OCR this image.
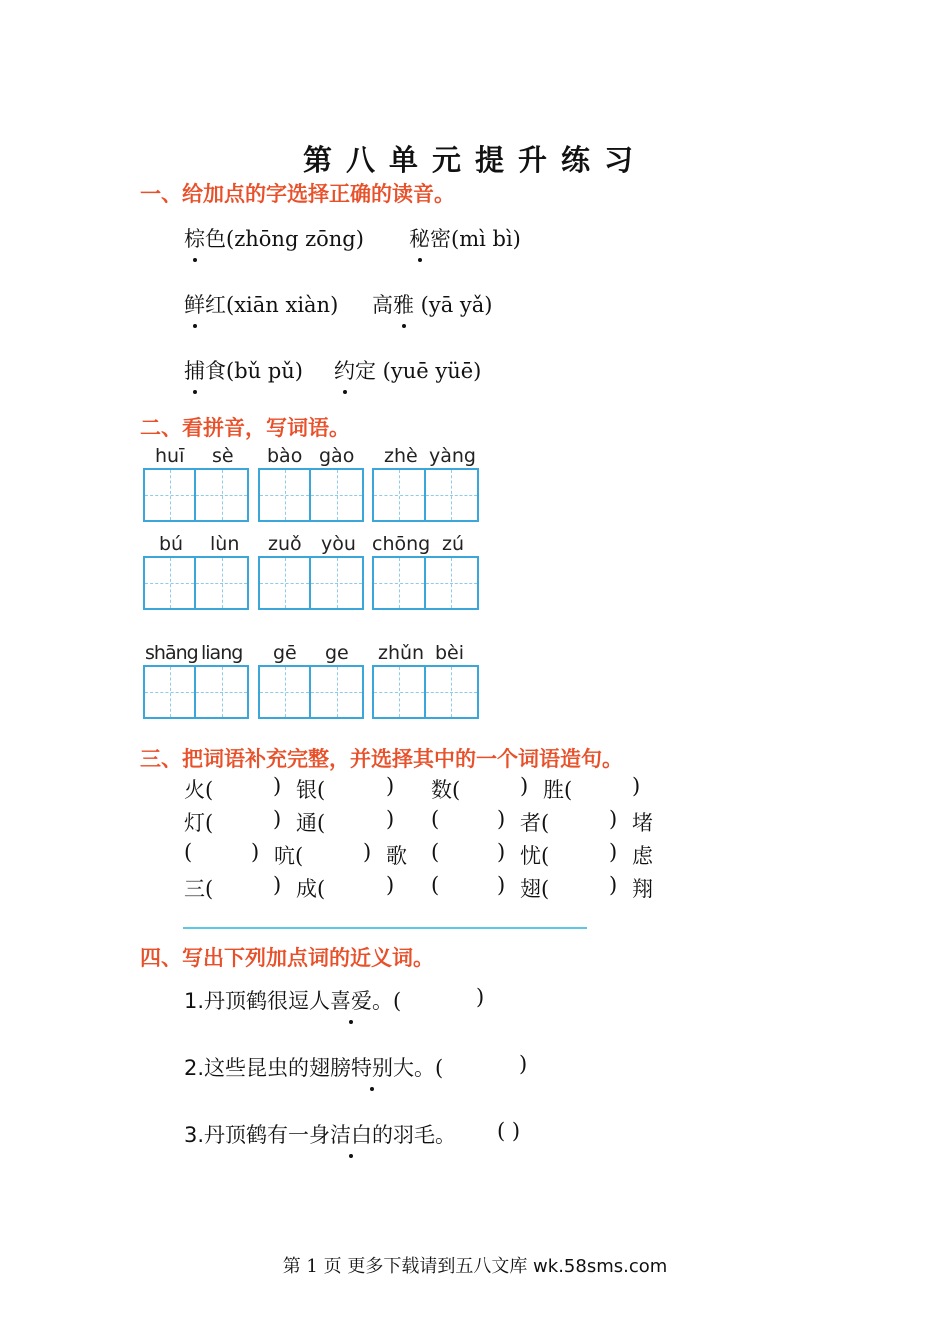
第八单元提升练习
一、给加点的字选择正确的读音。
棕色(zhōng zōng) 秘密(mì bì)
鲜红(xiān xiàn) 高雅 (yā yǎ)
捕食(bǔ pǔ) 约定 (yuē yüē)
二、看拼音，写词语。
huī sè bào gào zhè yàng
bú lùn zuǒ yòu chōng zú
shāng liang gē ge zhǔn bèi
三、把词语补充完整，并选择其中的一个词语造句。
火(	) 银(	) 数(	) 胜(	)
灯(	) 通(	) (	) 者(	) 堵
(	) 吭(	) 歌 (	) 忧(	) 虑
三(	) 成(	) (	) 翅(	) 翔
四、写出下列加点词的近义词。
1.丹顶鹤很逗人喜爱。(	)
2.这些昆虫的翅膀特别大。(	)
3.丹顶鹤有一身洁白的羽毛。 ( )
第 1 页 更多下载请到五八文库 wk.58sms.com
